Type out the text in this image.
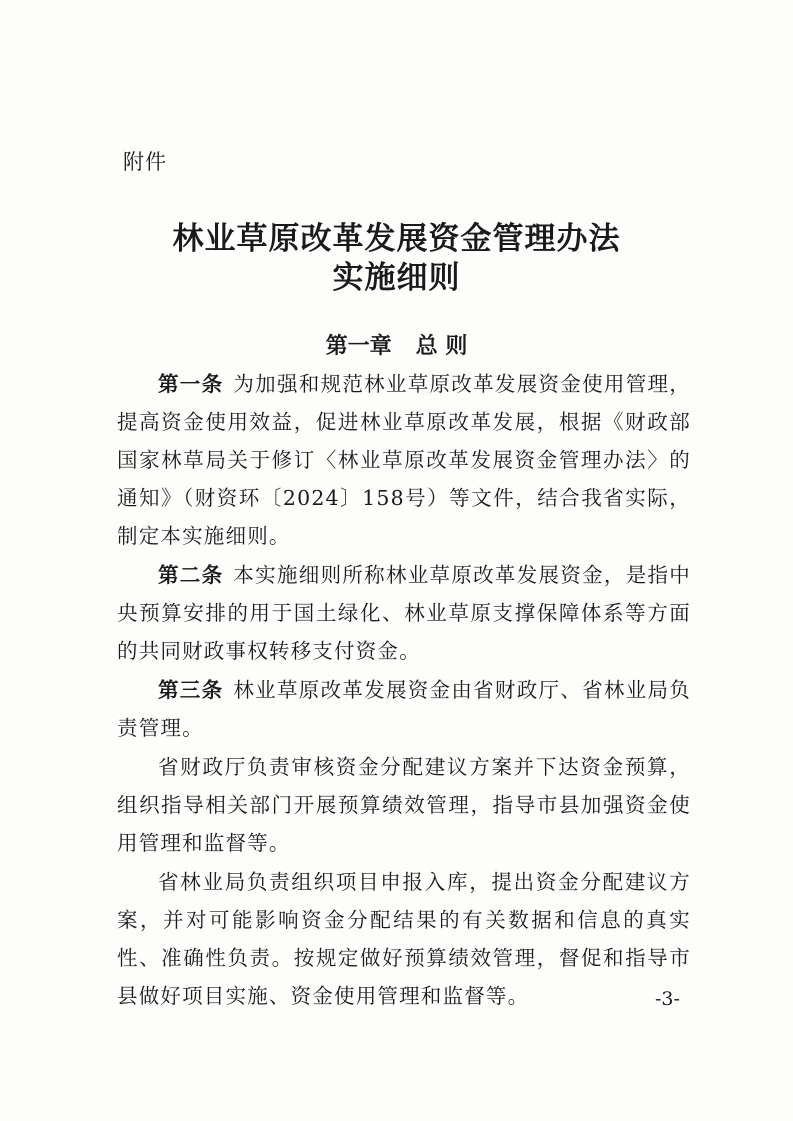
附件
林业草原改革发展资金管理办法
实施细则
第一章 总 则

第一条 为加强和规范林业草原改革发展资金使用管理，提高资金使用效益，促进林业草原改革发展，根据《财政部 国家林草局关于修订〈林业草原改革发展资金管理办法〉的通知》（财资环〔2024〕158号）等文件，结合我省实际，制定本实施细则。

第二条 本实施细则所称林业草原改革发展资金，是指中央预算安排的用于国土绿化、林业草原支撑保障体系等方面的共同财政事权转移支付资金。

第三条 林业草原改革发展资金由省财政厅、省林业局负责管理。

省财政厅负责审核资金分配建议方案并下达资金预算，组织指导相关部门开展预算绩效管理，指导市县加强资金使用管理和监督等。

省林业局负责组织项目申报入库，提出资金分配建议方案，并对可能影响资金分配结果的有关数据和信息的真实性、准确性负责。按规定做好预算绩效管理，督促和指导市县做好项目实施、资金使用管理和监督等。	-3-
